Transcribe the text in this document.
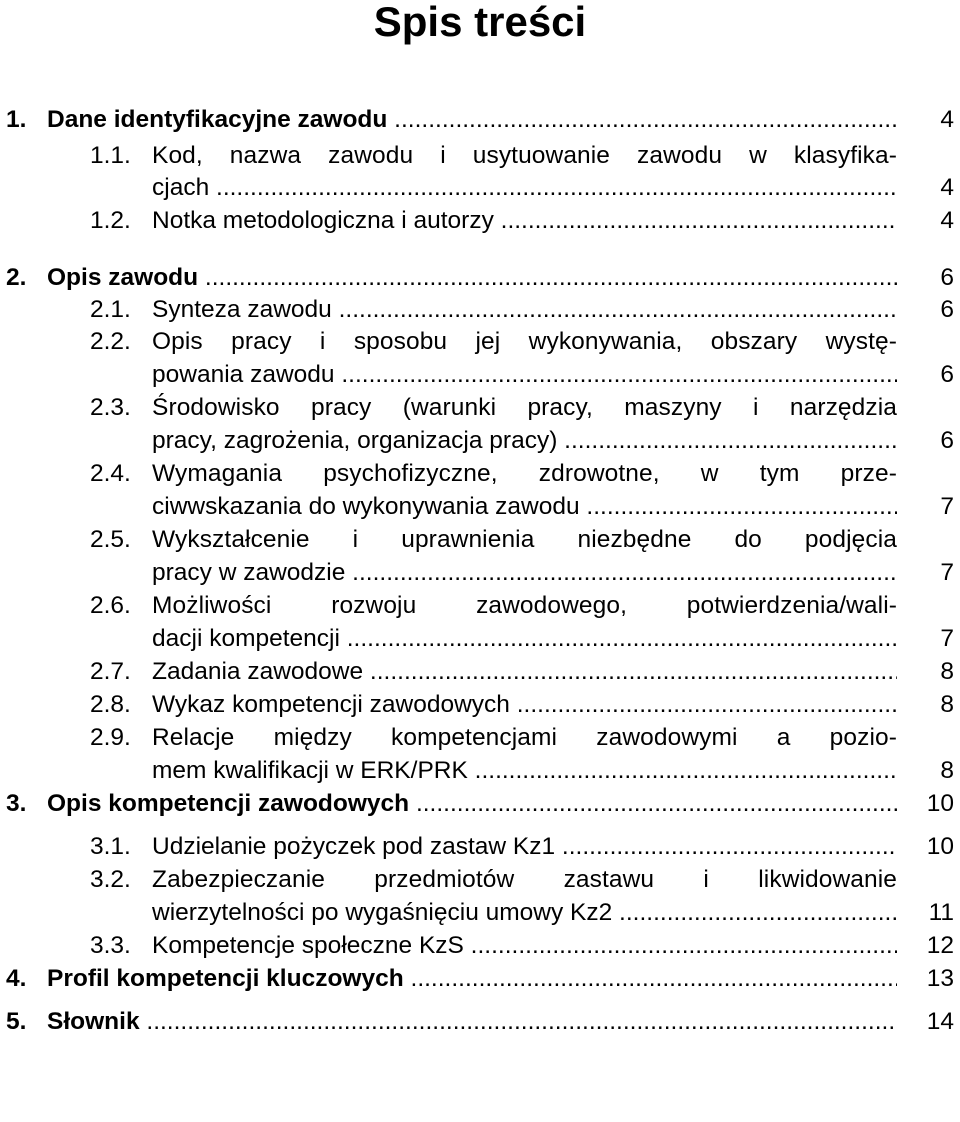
Spis treści
1. Dane identyfikacyjne zawodu .....	4
1.1. Kod, nazwa zawodu i usytuowanie zawodu w klasyfika-
cjach .....	4
1.2. Notka metodologiczna i autorzy .....	4
2. Opis zawodu .....	6
2.1. Synteza zawodu .....	6
2.2. Opis pracy i sposobu jej wykonywania, obszary wystę-
powania zawodu .....	6
2.3. Środowisko pracy (warunki pracy, maszyny i narzędzia
pracy, zagrożenia, organizacja pracy) .....	6
2.4. Wymagania psychofizyczne, zdrowotne, w tym prze-
ciwwskazania do wykonywania zawodu .....	7
2.5. Wykształcenie i uprawnienia niezbędne do podjęcia
pracy w zawodzie .....	7
2.6. Możliwości rozwoju zawodowego, potwierdzenia/wali-
dacji kompetencji .....	7
2.7. Zadania zawodowe .....	8
2.8. Wykaz kompetencji zawodowych .....	8
2.9. Relacje między kompetencjami zawodowymi a pozio-
mem kwalifikacji w ERK/PRK .....	8
3. Opis kompetencji zawodowych .....	10
3.1. Udzielanie pożyczek pod zastaw Kz1 .....	10
3.2. Zabezpieczanie przedmiotów zastawu i likwidowanie
wierzytelności po wygaśnięciu umowy Kz2 .....	11
3.3. Kompetencje społeczne KzS .....	12
4. Profil kompetencji kluczowych .....	13
5. Słownik .....	14
